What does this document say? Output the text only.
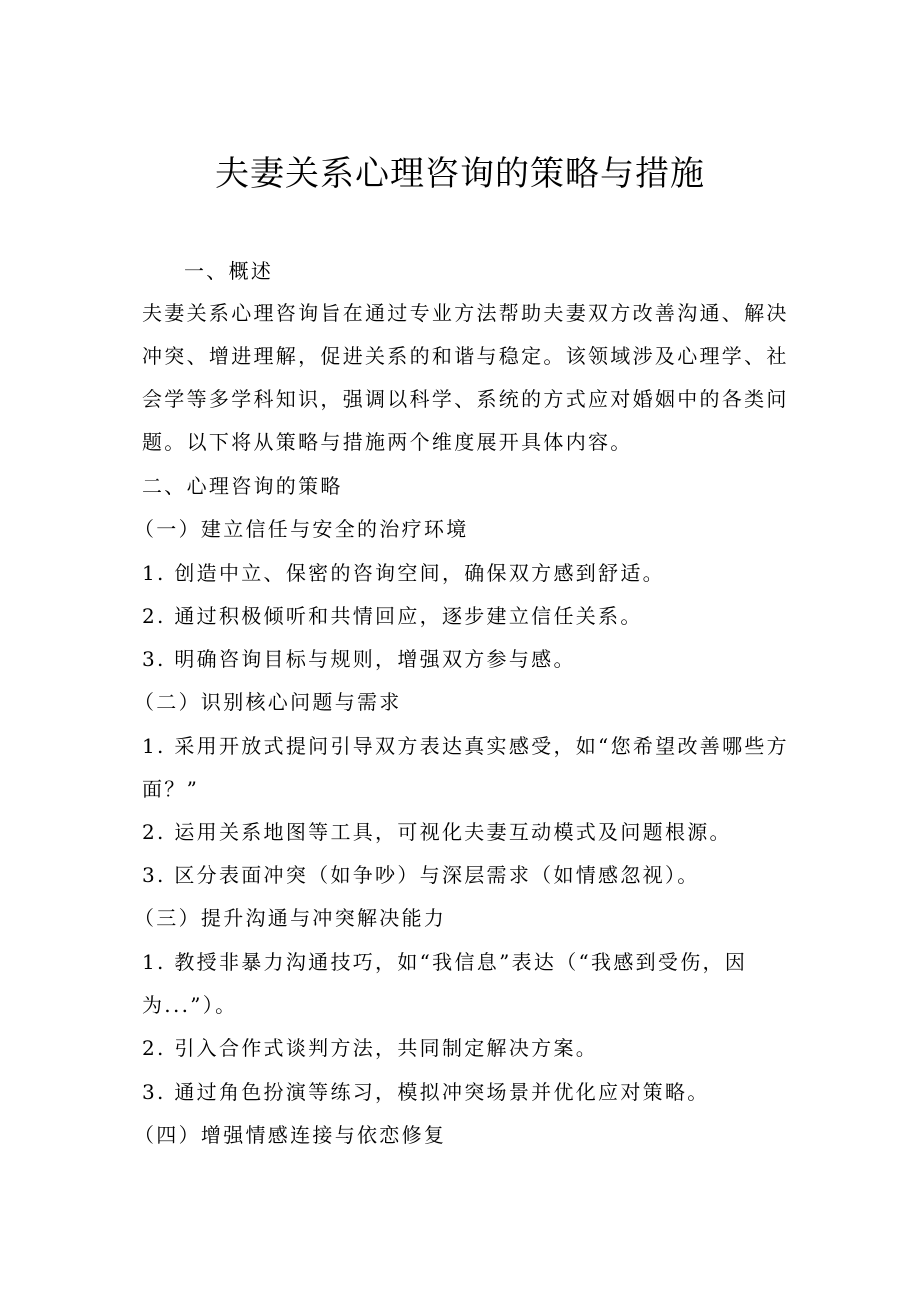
夫妻关系心理咨询的策略与措施

一、概述

夫妻关系心理咨询旨在通过专业方法帮助夫妻双方改善沟通、解决

冲突、增进理解，促进关系的和谐与稳定。该领域涉及心理学、社

会学等多学科知识，强调以科学、系统的方式应对婚姻中的各类问

题。以下将从策略与措施两个维度展开具体内容。

二、心理咨询的策略

（一）建立信任与安全的治疗环境

1. 创造中立、保密的咨询空间，确保双方感到舒适。

2. 通过积极倾听和共情回应，逐步建立信任关系。

3. 明确咨询目标与规则，增强双方参与感。

（二）识别核心问题与需求

1. 采用开放式提问引导双方表达真实感受，如“您希望改善哪些方

面？”

2. 运用关系地图等工具，可视化夫妻互动模式及问题根源。

3. 区分表面冲突（如争吵）与深层需求（如情感忽视）。

（三）提升沟通与冲突解决能力

1. 教授非暴力沟通技巧，如“我信息”表达（“我感到受伤，因

为...”）。

2. 引入合作式谈判方法，共同制定解决方案。

3. 通过角色扮演等练习，模拟冲突场景并优化应对策略。

（四）增强情感连接与依恋修复
